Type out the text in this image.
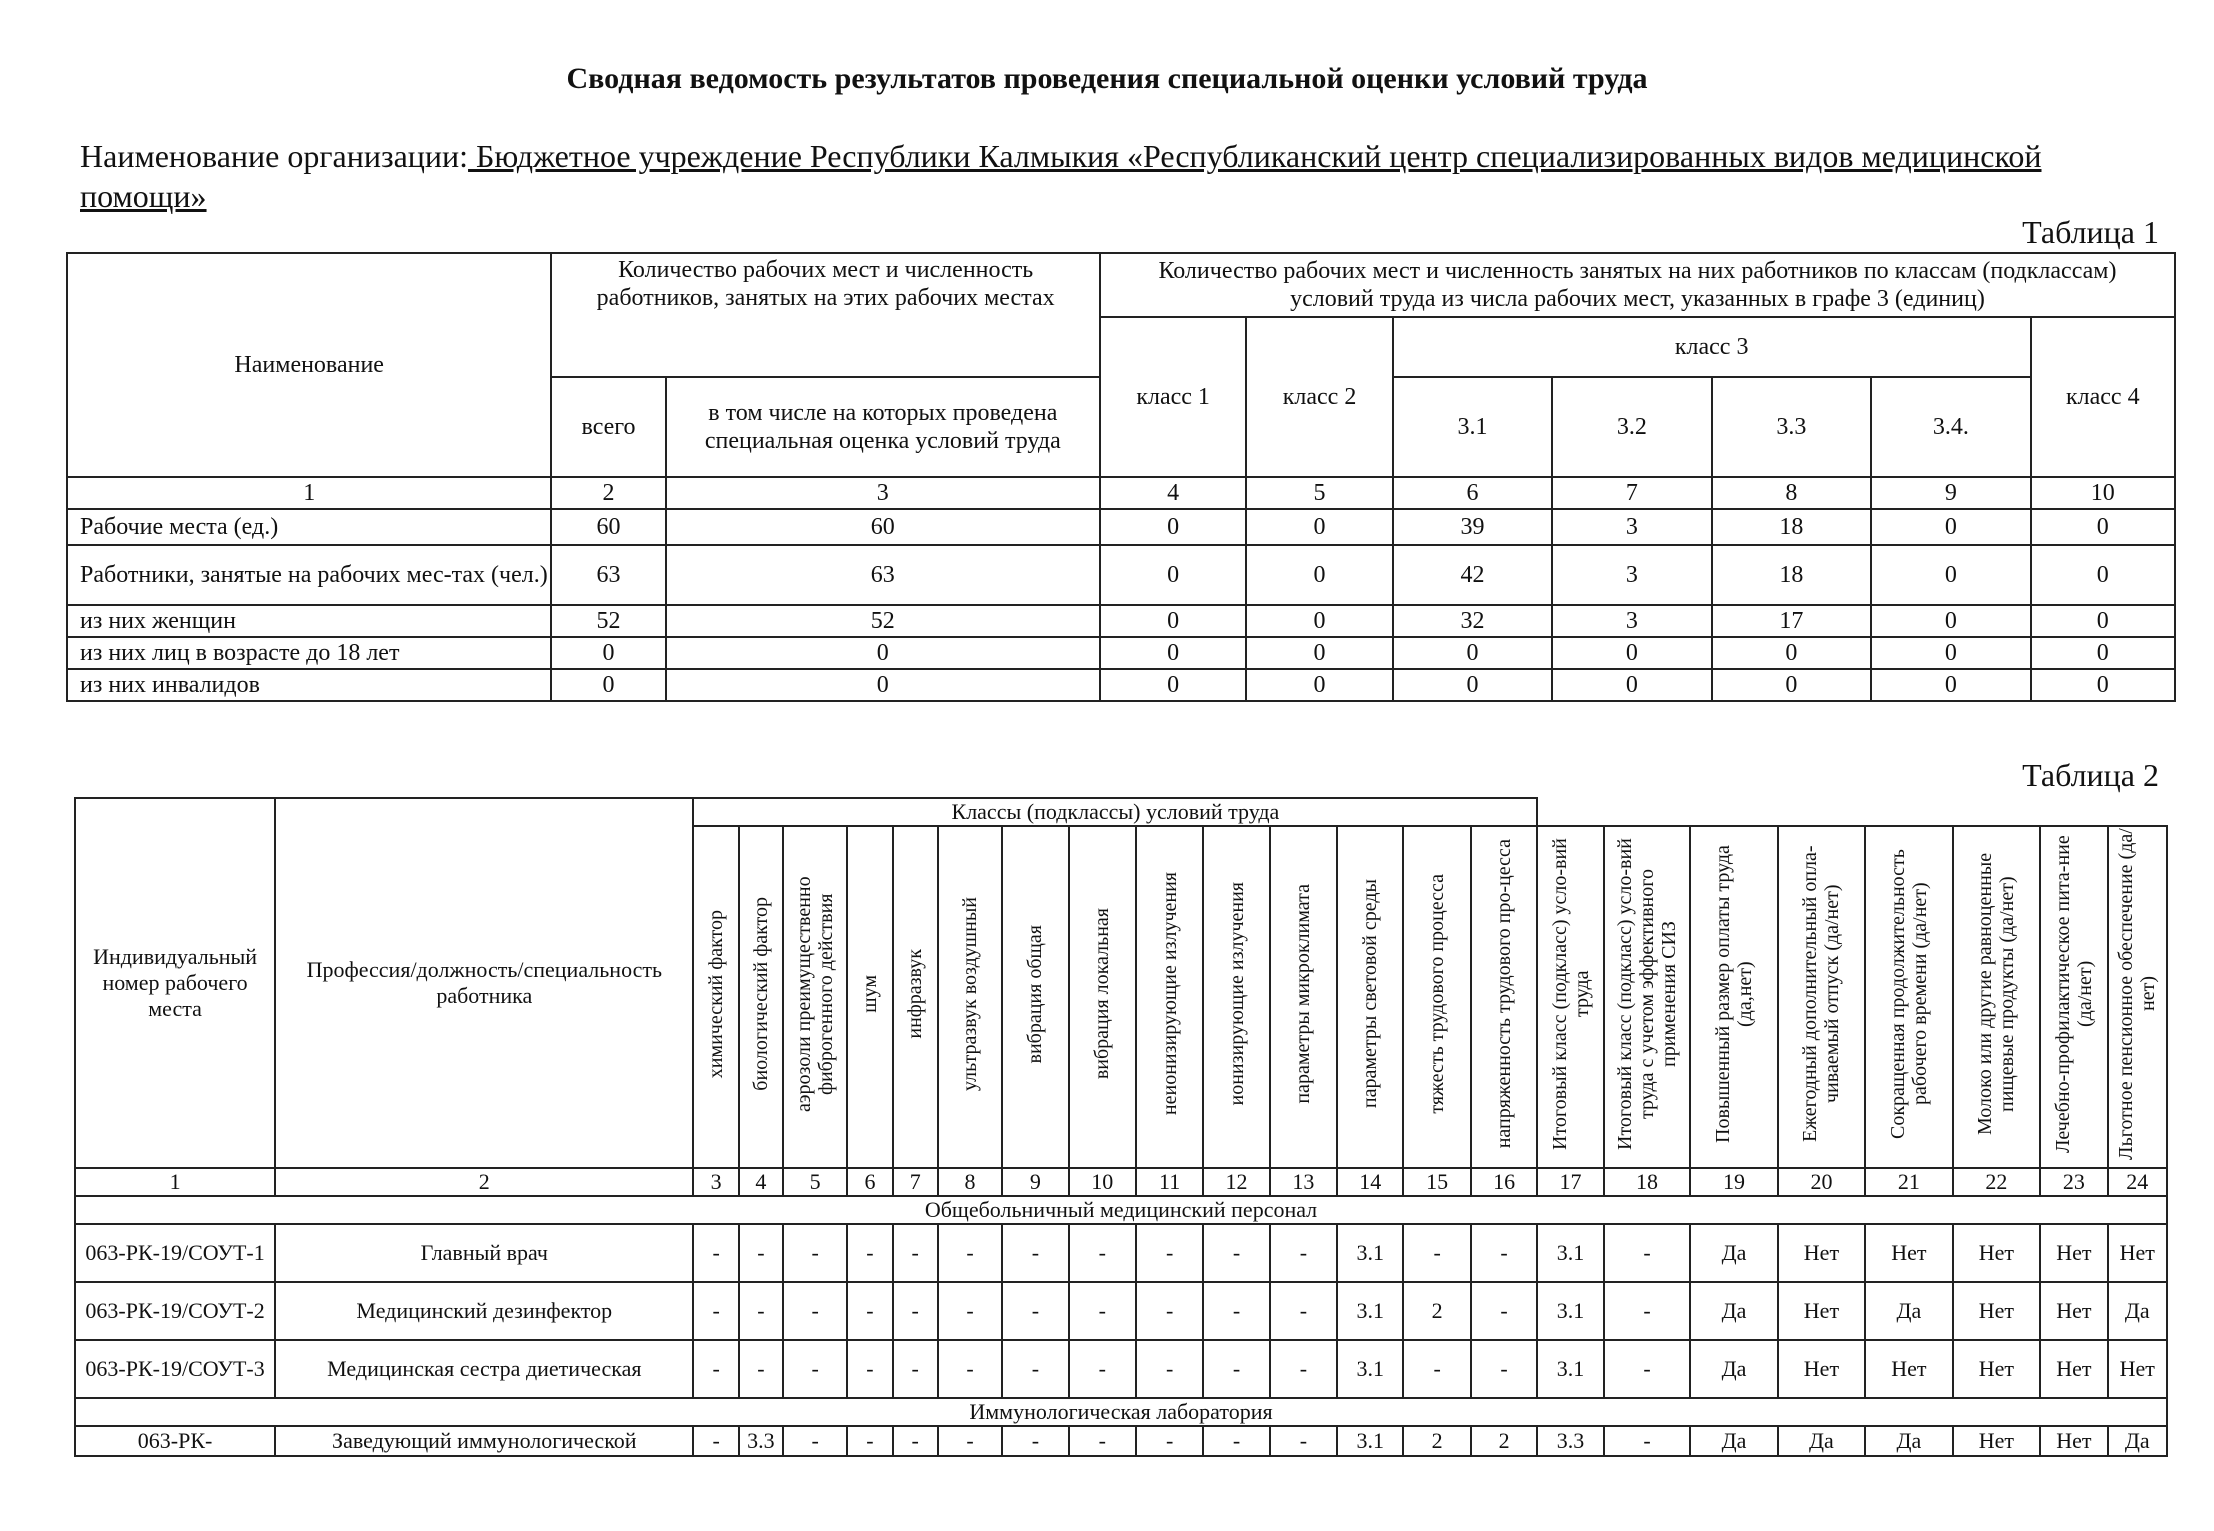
Сводная ведомость результатов проведения специальной оценки условий труда
Наименование организации: Бюджетное учреждение Республики Калмыкия «Республиканский центр специализированных видов медицинской помощи»
Таблица 1
Наименование	Количество рабочих мест и численность работников, занятых на этих рабочих местах		Количество рабочих мест и численность занятых на них работников по классам (подклассам) условий труда из числа рабочих мест, указанных в графе 3 (единиц)						
			класс 1	класс 2	класс 3				класс 4
	всего	в том числе на которых проведена специальная оценка условий труда			3.1	3.2	3.3	3.4.	
1	2	3	4	5	6	7	8	9	10
Рабочие места (ед.)	60	60	0	0	39	3	18	0	0
Работники, занятые на рабочих мес-тах (чел.)	63	63	0	0	42	3	18	0	0
из них женщин	52	52	0	0	32	3	17	0	0
из них лиц в возрасте до 18 лет	0	0	0	0	0	0	0	0	0
из них инвалидов	0	0	0	0	0	0	0	0	0
Таблица 2
Индивидуальный номер рабочего места	Профессия/должность/специальность работника	Классы (подклассы) условий труда																					
		химический фактор	биологический фактор	аэрозоли преимущественно фиброгенного действия	шум	инфразвук	ультразвук воздушный	вибрация общая	вибрация локальная	неионизирующие излучения	ионизирующие излучения	параметры микроклимата	параметры световой среды	тяжесть трудового процесса	напряженность трудового про-цесса	Итоговый класс (подкласс) усло-вий труда	Итоговый класс (подкласс) усло-вий труда с учетом эффективного применения СИЗ	Повышенный размер оплаты труда (да,нет)	Ежегодный дополнительный опла-чиваемый отпуск (да/нет)	Сокращенная продолжительность рабочего времени (да/нет)	Молоко или другие равноценные пищевые продукты (да/нет)	Лечебно-профилактическое пита-ние (да/нет)	Льготное пенсионное обеспечение (да/нет)
1	2	3	4	5	6	7	8	9	10	11	12	13	14	15	16	17	18	19	20	21	22	23	24
Общебольничный медицинский персонал																							
063-РК-19/СОУТ-1	Главный врач	-	-	-	-	-	-	-	-	-	-	-	3.1	-	-	3.1	-	Да	Нет	Нет	Нет	Нет	Нет
063-РК-19/СОУТ-2	Медицинский дезинфектор	-	-	-	-	-	-	-	-	-	-	-	3.1	2	-	3.1	-	Да	Нет	Да	Нет	Нет	Да
063-РК-19/СОУТ-3	Медицинская сестра диетическая	-	-	-	-	-	-	-	-	-	-	-	3.1	-	-	3.1	-	Да	Нет	Нет	Нет	Нет	Нет
Иммунологическая лаборатория																							
063-РК-	Заведующий иммунологической	-	3.3	-	-	-	-	-	-	-	-	-	3.1	2	2	3.3	-	Да	Да	Да	Нет	Нет	Да
